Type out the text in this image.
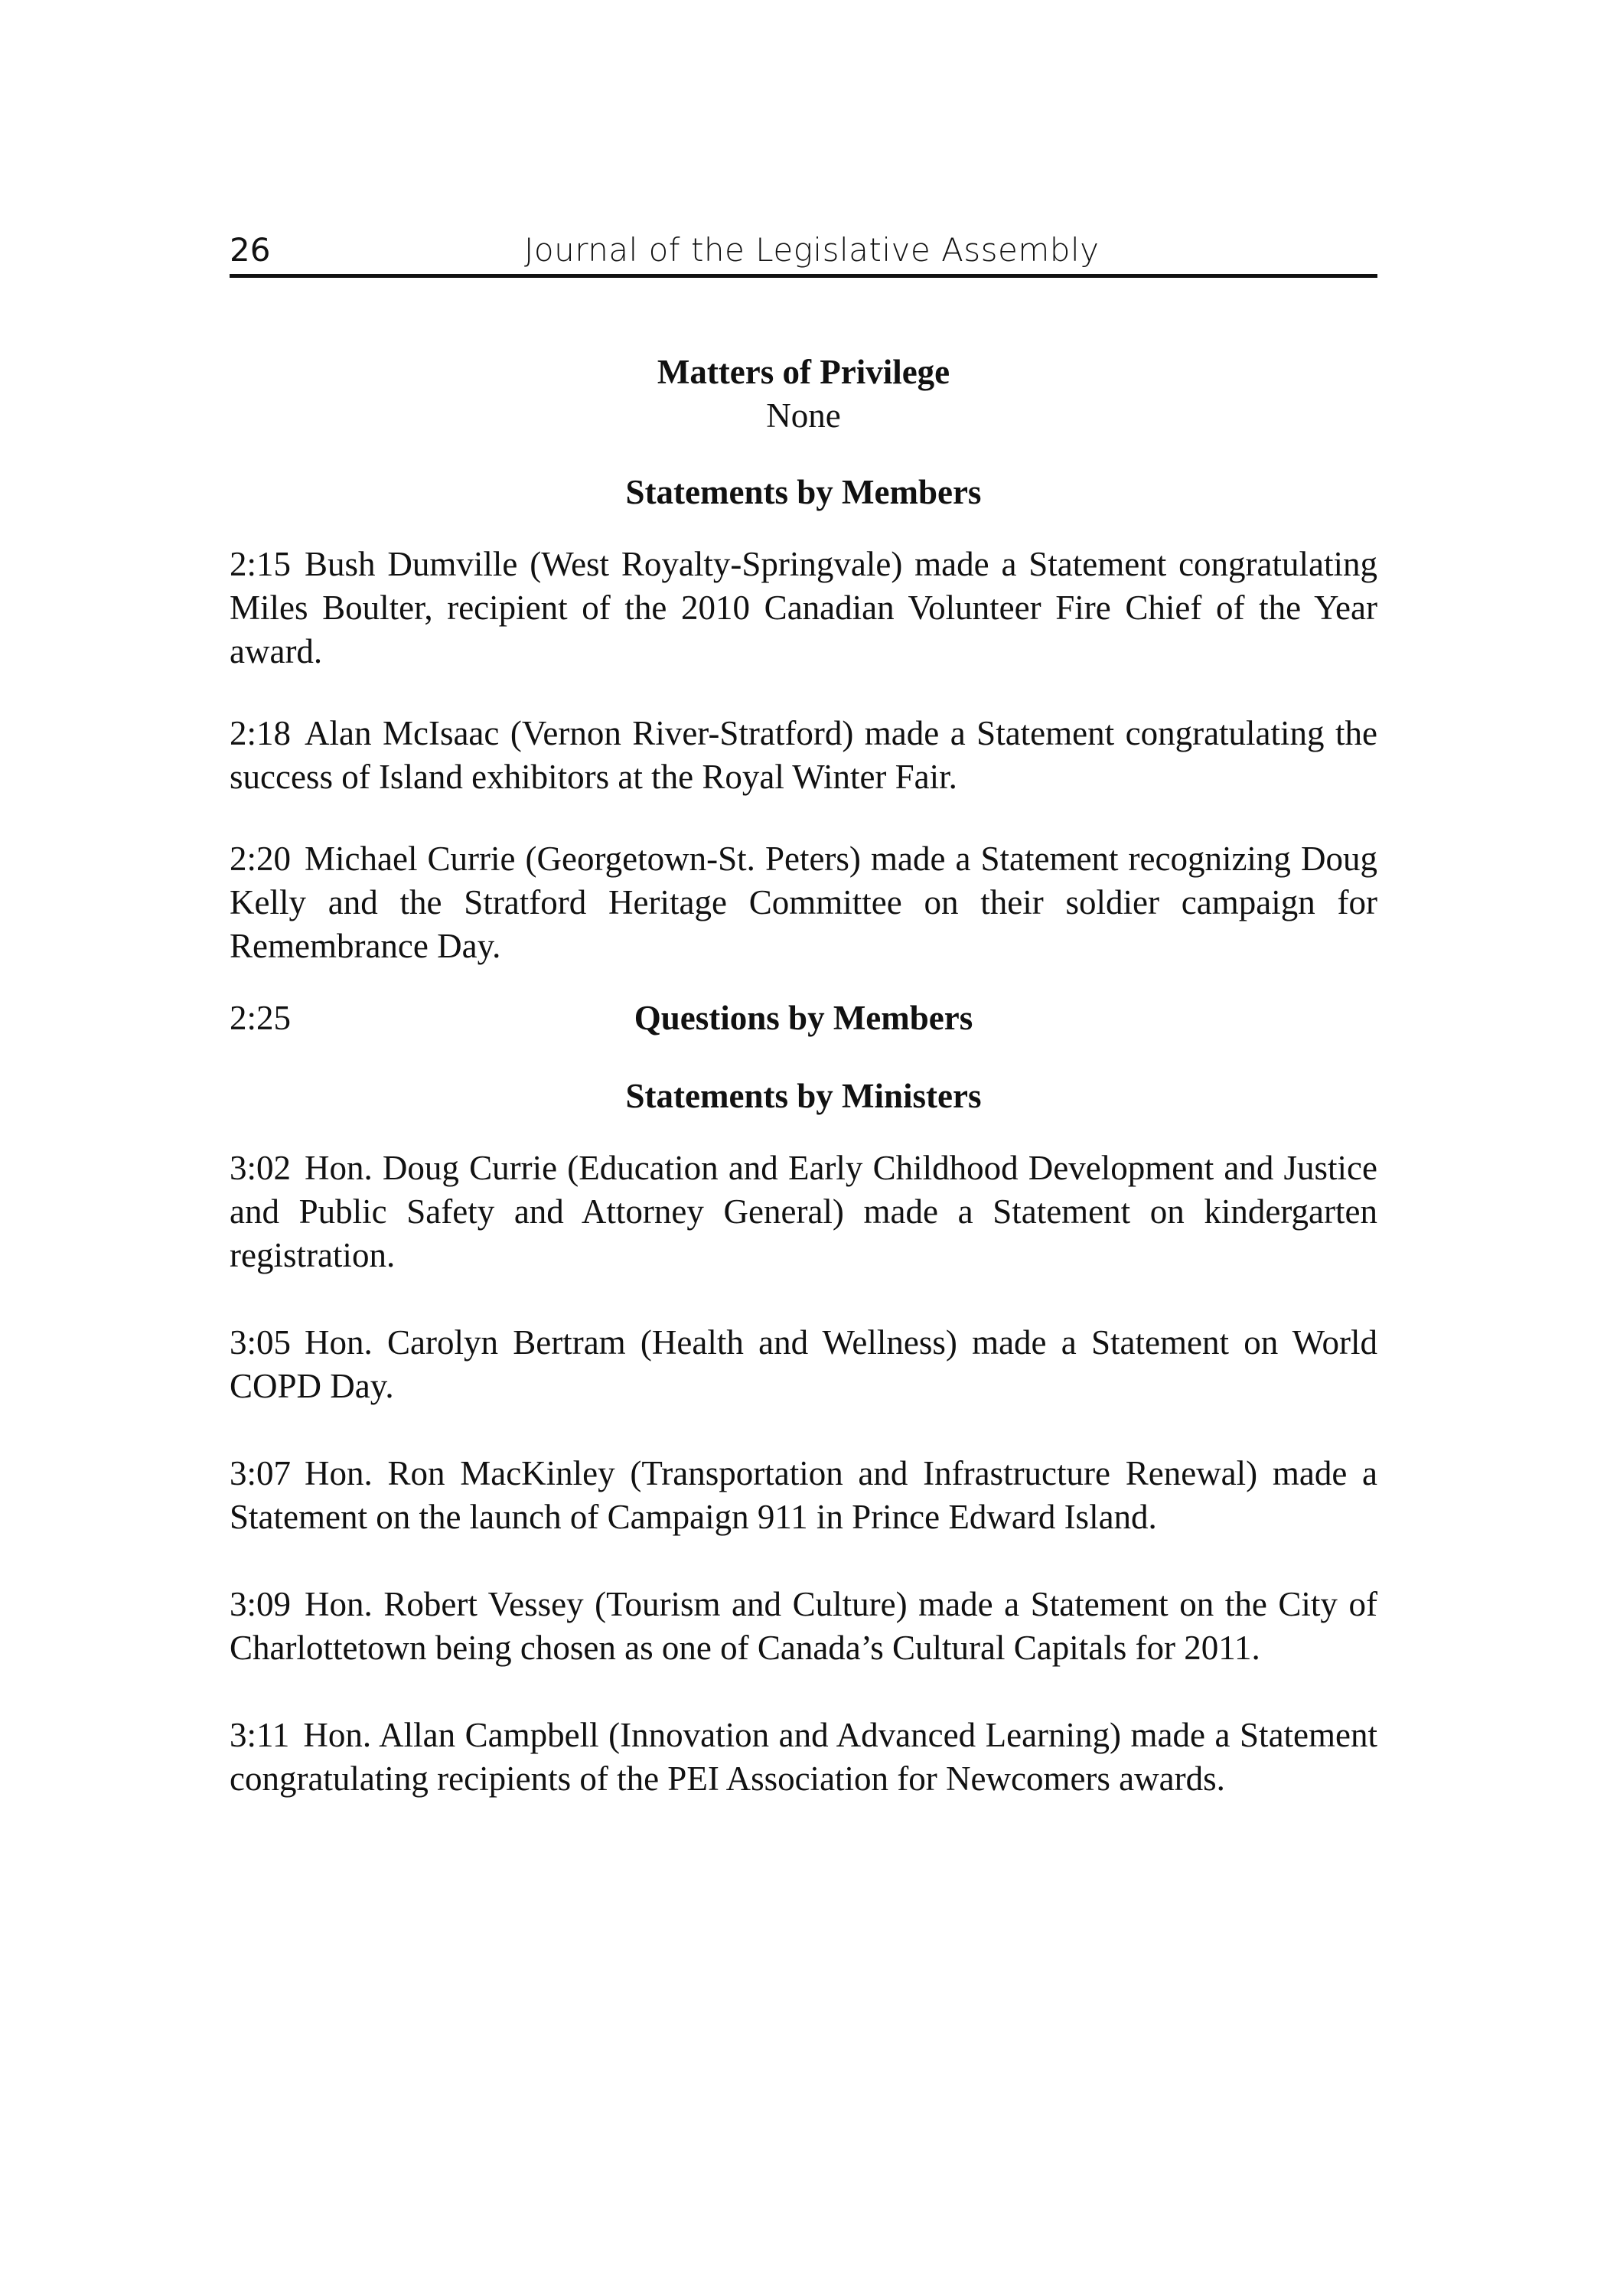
26	Journal of the Legislative Assembly

Matters of Privilege

None

Statements by Members

2:15 Bush Dumville (West Royalty-Springvale) made a Statement congratulating Miles Boulter, recipient of the 2010 Canadian Volunteer Fire Chief of the Year award.

2:18 Alan McIsaac (Vernon River-Stratford) made a Statement congratulating the success of Island exhibitors at the Royal Winter Fair.

2:20 Michael Currie (Georgetown-St. Peters) made a Statement recognizing Doug Kelly and the Stratford Heritage Committee on their soldier campaign for Remembrance Day.

2:25	Questions by Members

Statements by Ministers

3:02 Hon. Doug Currie (Education and Early Childhood Development and Justice and Public Safety and Attorney General) made a Statement on kindergarten registration.

3:05 Hon. Carolyn Bertram (Health and Wellness) made a Statement on World COPD Day.

3:07 Hon. Ron MacKinley (Transportation and Infrastructure Renewal) made a Statement on the launch of Campaign 911 in Prince Edward Island.

3:09 Hon. Robert Vessey (Tourism and Culture) made a Statement on the City of Charlottetown being chosen as one of Canada’s Cultural Capitals for 2011.

3:11 Hon. Allan Campbell (Innovation and Advanced Learning) made a Statement congratulating recipients of the PEI Association for Newcomers awards.
